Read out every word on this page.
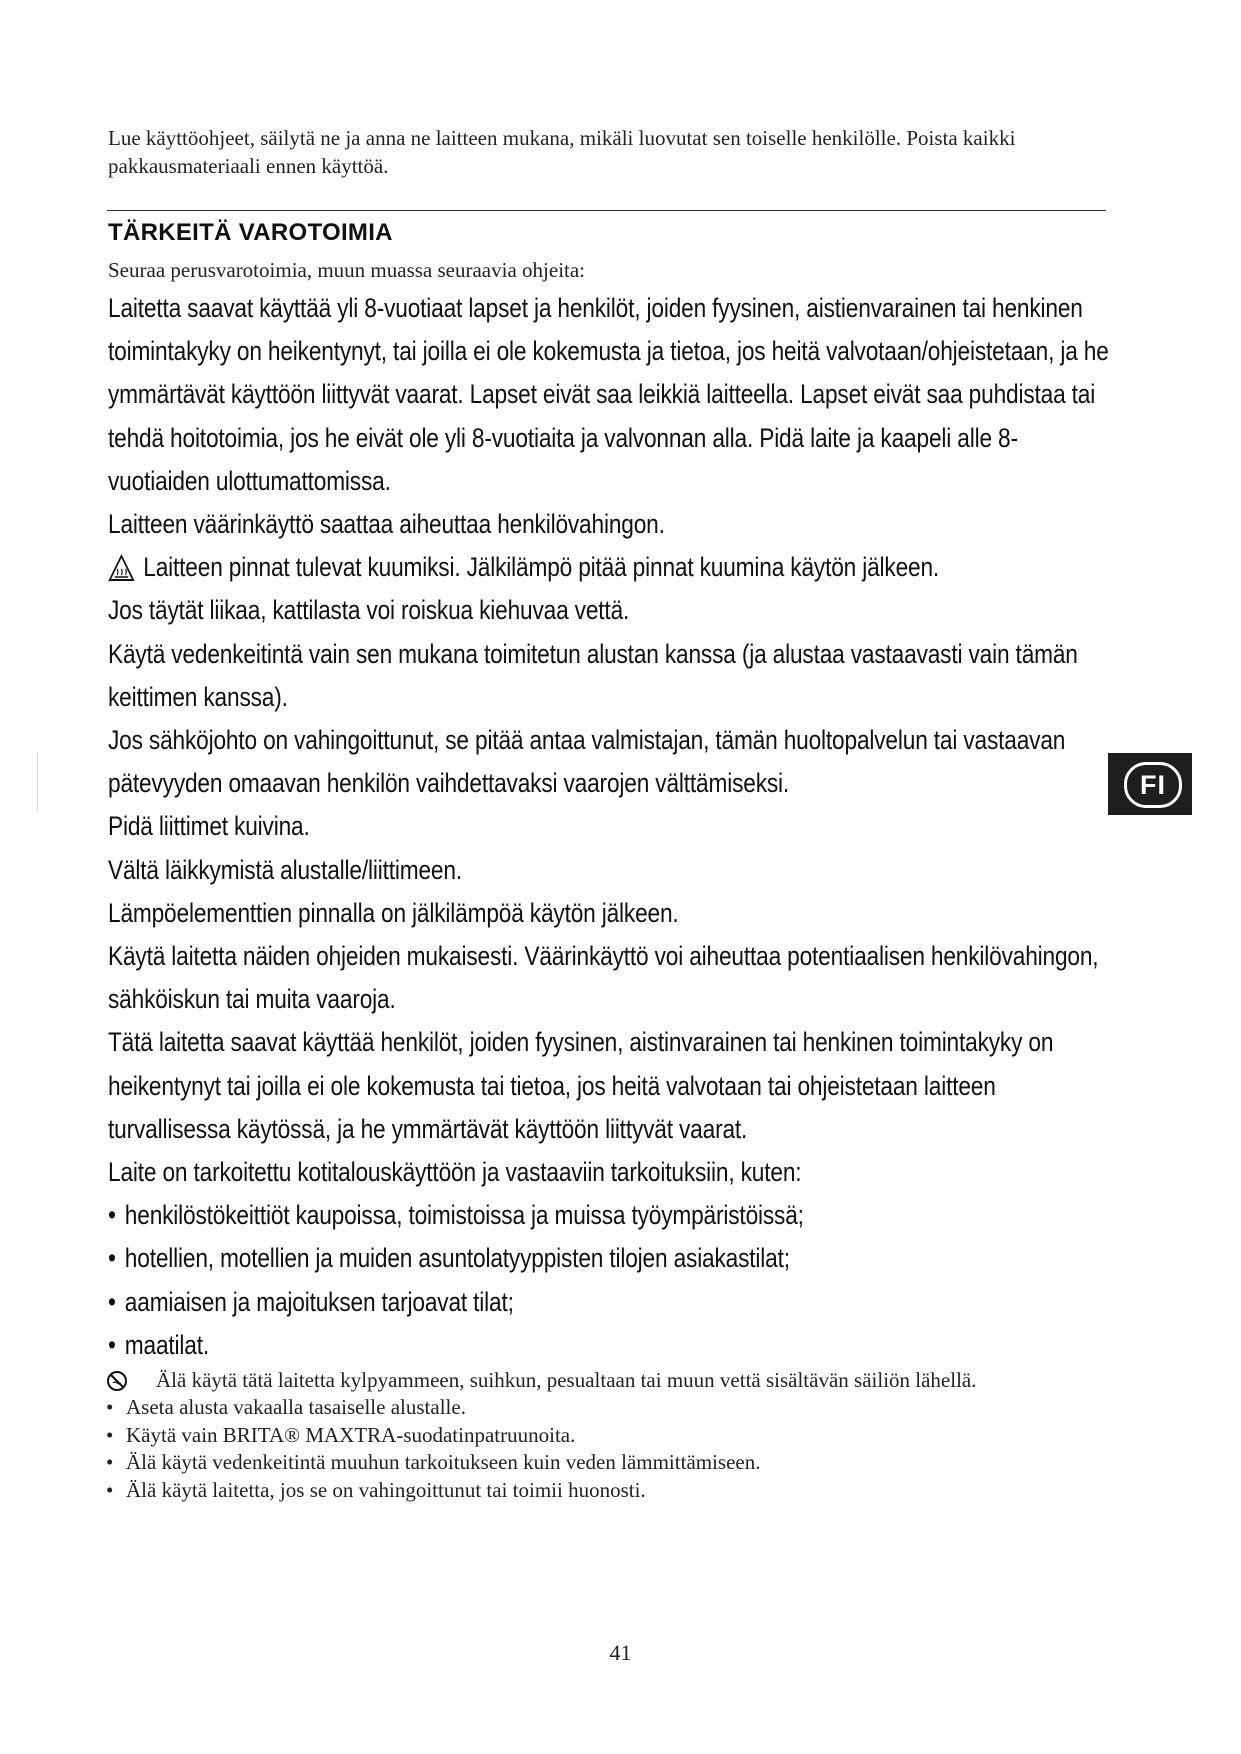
Lue käyttöohjeet, säilytä ne ja anna ne laitteen mukana, mikäli luovutat sen toiselle henkilölle. Poista kaikki pakkausmateriaali ennen käyttöä.
TÄRKEITÄ VAROTOIMIA
Seuraa perusvarotoimia, muun muassa seuraavia ohjeita:

Laitetta saavat käyttää yli 8-vuotiaat lapset ja henkilöt, joiden fyysinen, aistienvarainen tai henkinen toimintakyky on heikentynyt, tai joilla ei ole kokemusta ja tietoa, jos heitä valvotaan/ohjeistetaan, ja he ymmärtävät käyttöön liittyvät vaarat. Lapset eivät saa leikkiä laitteella. Lapset eivät saa puhdistaa tai tehdä hoitotoimia, jos he eivät ole yli 8-vuotiaita ja valvonnan alla. Pidä laite ja kaapeli alle 8-vuotiaiden ulottumattomissa.

Laitteen väärinkäyttö saattaa aiheuttaa henkilövahingon.

Laitteen pinnat tulevat kuumiksi. Jälkilämpö pitää pinnat kuumina käytön jälkeen.

Jos täytät liikaa, kattilasta voi roiskua kiehuvaa vettä.

Käytä vedenkeitintä vain sen mukana toimitetun alustan kanssa (ja alustaa vastaavasti vain tämän keittimen kanssa).

Jos sähköjohto on vahingoittunut, se pitää antaa valmistajan, tämän huoltopalvelun tai vastaavan pätevyyden omaavan henkilön vaihdettavaksi vaarojen välttämiseksi.

Pidä liittimet kuivina.

Vältä läikkymistä alustalle/liittimeen.

Lämpöelementtien pinnalla on jälkilämpöä käytön jälkeen.

Käytä laitetta näiden ohjeiden mukaisesti. Väärinkäyttö voi aiheuttaa potentiaalisen henkilövahingon, sähköiskun tai muita vaaroja.

Tätä laitetta saavat käyttää henkilöt, joiden fyysinen, aistinvarainen tai henkinen toimintakyky on heikentynyt tai joilla ei ole kokemusta tai tietoa, jos heitä valvotaan tai ohjeistetaan laitteen turvallisessa käytössä, ja he ymmärtävät käyttöön liittyvät vaarat.

Laite on tarkoitettu kotitalouskäyttöön ja vastaaviin tarkoituksiin, kuten:

• henkilöstökeittiöt kaupoissa, toimistoissa ja muissa työympäristöissä;

• hotellien, motellien ja muiden asuntolatyyppisten tilojen asiakastilat;

• aamiaisen ja majoituksen tarjoavat tilat;

• maatilat.

Älä käytä tätä laitetta kylpyammeen, suihkun, pesualtaan tai muun vettä sisältävän säiliön lähellä.

• Aseta alusta vakaalla tasaiselle alustalle.

• Käytä vain BRITA® MAXTRA-suodatinpatruunoita.

• Älä käytä vedenkeitintä muuhun tarkoitukseen kuin veden lämmittämiseen.

• Älä käytä laitetta, jos se on vahingoittunut tai toimii huonosti.

FI
41
